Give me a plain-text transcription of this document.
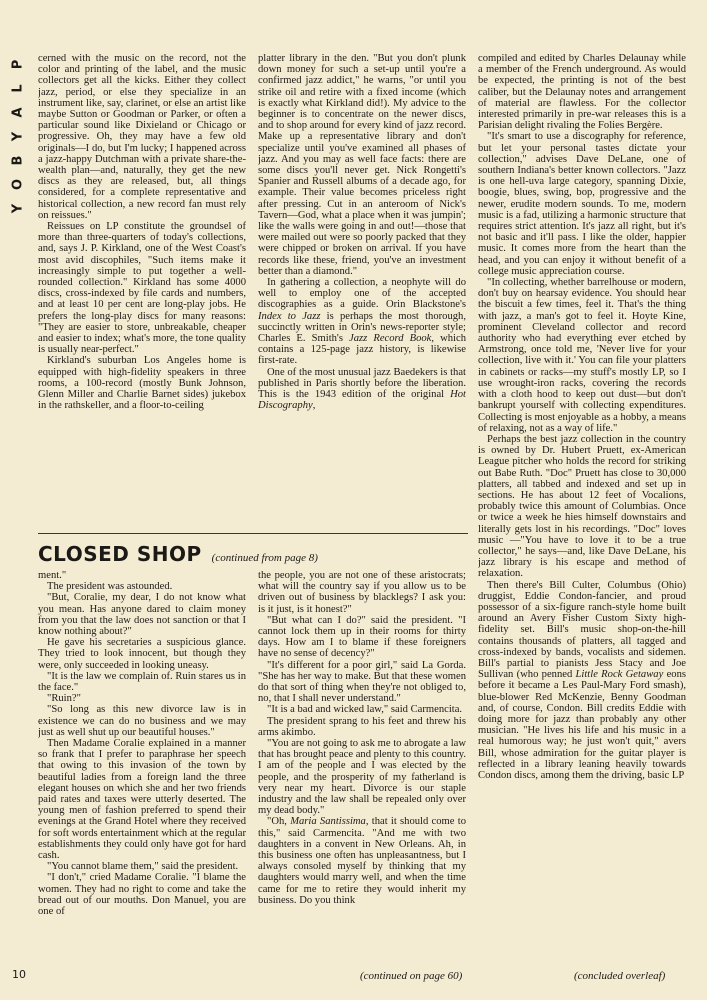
P
L
A
Y
B
O
Y

cerned with the music on the record, not the color and printing of the label, and the music collectors get all the kicks. Either they collect jazz, period, or else they specialize in an instrument like, say, clarinet, or else an artist like maybe Sutton or Goodman or Parker, or often a particular sound like Dixieland or Chicago or progressive. Oh, they may have a few old originals—I do, but I'm lucky; I happened across a jazz-happy Dutchman with a private share-the-wealth plan—and, naturally, they get the new discs as they are released, but, all things considered, for a complete representative and historical collection, a new record fan must rely on reissues."

Reissues on LP constitute the groundsel of more than three-quarters of today's collections, and, says J. P. Kirkland, one of the West Coast's most avid discophiles, "Such items make it increasingly simple to put together a well-rounded collection." Kirkland has some 4000 discs, cross-indexed by file cards and numbers, and at least 10 per cent are long-play jobs. He prefers the long-play discs for many reasons: "They are easier to store, unbreakable, cheaper and easier to index; what's more, the tone quality is usually near-perfect."

Kirkland's suburban Los Angeles home is equipped with high-fidelity speakers in three rooms, a 100-record (mostly Bunk Johnson, Glenn Miller and Charlie Barnet sides) jukebox in the rathskeller, and a floor-to-ceiling

platter library in the den. "But you don't plunk down money for such a set-up until you're a confirmed jazz addict," he warns, "or until you strike oil and retire with a fixed income (which is exactly what Kirkland did!). My advice to the beginner is to concentrate on the newer discs, and to shop around for every kind of jazz record. Make up a representative library and don't specialize until you've examined all phases of jazz. And you may as well face facts: there are some discs you'll never get. Nick Rongetti's Spanier and Russell albums of a decade ago, for example. Their value becomes priceless right after pressing. Cut in an anteroom of Nick's Tavern—God, what a place when it was jumpin'; like the walls were going in and out!—those that were mailed out were so poorly packed that they were chipped or broken on arrival. If you have records like these, friend, you've an investment better than a diamond."

In gathering a collection, a neophyte will do well to employ one of the accepted discographies as a guide. Orin Blackstone's Index to Jazz is perhaps the most thorough, succinctly written in Orin's news-reporter style; Charles E. Smith's Jazz Record Book, which contains a 125-page jazz history, is likewise first-rate.

One of the most unusual jazz Baedekers is that published in Paris shortly before the liberation. This is the 1943 edition of the original Hot Discography,

compiled and edited by Charles Delaunay while a member of the French underground. As would be expected, the printing is not of the best caliber, but the Delaunay notes and arrangement of material are flawless. For the collector interested primarily in pre-war releases this is a Parisian delight rivaling the Folies Bergère.

"It's smart to use a discography for reference, but let your personal tastes dictate your collection," advises Dave DeLane, one of southern Indiana's better known collectors. "Jazz is one hell-uva large category, spanning Dixie, boogie, blues, swing, bop, progressive and the newer, erudite modern sounds. To me, modern music is a fad, utilizing a harmonic structure that requires strict attention. It's jazz all right, but it's not basic and it'll pass. I like the older, happier music. It comes more from the heart than the head, and you can enjoy it without benefit of a college music appreciation course.

"In collecting, whether barrelhouse or modern, don't buy on hearsay evidence. You should hear the biscuit a few times, feel it. That's the thing with jazz, a man's got to feel it. Hoyte Kine, prominent Cleveland collector and record authority who had everything ever etched by Armstrong, once told me, 'Never live for your collection, live with it.' You can file your platters in cabinets or racks—my stuff's mostly LP, so I use wrought-iron racks, covering the records with a cloth hood to keep out dust—but don't bankrupt yourself with collecting expenditures. Collecting is most enjoyable as a hobby, a means of relaxing, not as a way of life."

Perhaps the best jazz collection in the country is owned by Dr. Hubert Pruett, ex-American League pitcher who holds the record for striking out Babe Ruth. "Doc" Pruett has close to 30,000 platters, all tabbed and indexed and set up in sections. He has about 12 feet of Vocalions, probably twice this amount of Columbias. Once or twice a week he hies himself downstairs and literally gets lost in his recordings. "Doc" loves music —"You have to love it to be a true collector," he says—and, like Dave DeLane, his jazz library is his escape and method of relaxation.

Then there's Bill Culter, Columbus (Ohio) druggist, Eddie Condon-fancier, and proud possessor of a six-figure ranch-style home built around an Avery Fisher Custom Sixty high-fidelity set. Bill's music shop-on-the-hill contains thousands of platters, all tagged and cross-indexed by bands, vocalists and sidemen. Bill's partial to pianists Jess Stacy and Joe Sullivan (who penned Little Rock Getaway eons before it became a Les Paul-Mary Ford smash), blue-blower Red McKenzie, Benny Goodman and, of course, Condon. Bill credits Eddie with doing more for jazz than probably any other musician. "He lives his life and his music in a real humorous way; he just won't quit," avers Bill, whose admiration for the guitar player is reflected in a library leaning heavily towards Condon discs, among them the driving, basic LP

CLOSED SHOP (continued from page 8)

ment."

The president was astounded.

"But, Coralie, my dear, I do not know what you mean. Has anyone dared to claim money from you that the law does not sanction or that I know nothing about?"

He gave his secretaries a suspicious glance. They tried to look innocent, but though they were, only succeeded in looking uneasy.

"It is the law we complain of. Ruin stares us in the face."

"Ruin?"

"So long as this new divorce law is in existence we can do no business and we may just as well shut up our beautiful houses."

Then Madame Coralie explained in a manner so frank that I prefer to paraphrase her speech that owing to this invasion of the town by beautiful ladies from a foreign land the three elegant houses on which she and her two friends paid rates and taxes were utterly deserted. The young men of fashion preferred to spend their evenings at the Grand Hotel where they received for soft words entertainment which at the regular establishments they could only have got for hard cash.

"You cannot blame them," said the president.

"I don't," cried Madame Coralie. "I blame the women. They had no right to come and take the bread out of our mouths. Don Manuel, you are one of

the people, you are not one of these aristocrats; what will the country say if you allow us to be driven out of business by blacklegs? I ask you: is it just, is it honest?"

"But what can I do?" said the president. "I cannot lock them up in their rooms for thirty days. How am I to blame if these foreigners have no sense of decency?"

"It's different for a poor girl," said La Gorda. "She has her way to make. But that these women do that sort of thing when they're not obliged to, no, that I shall never understand."

"It is a bad and wicked law," said Carmencita.

The president sprang to his feet and threw his arms akimbo.

"You are not going to ask me to abrogate a law that has brought peace and plenty to this country. I am of the people and I was elected by the people, and the prosperity of my fatherland is very near my heart. Divorce is our staple industry and the law shall be repealed only over my dead body."

"Oh, Maria Santissima, that it should come to this," said Carmencita. "And me with two daughters in a convent in New Orleans. Ah, in this business one often has unpleasantness, but I always consoled myself by thinking that my daughters would marry well, and when the time came for me to retire they would inherit my business. Do you think

10	(continued on page 60)	(concluded overleaf)
